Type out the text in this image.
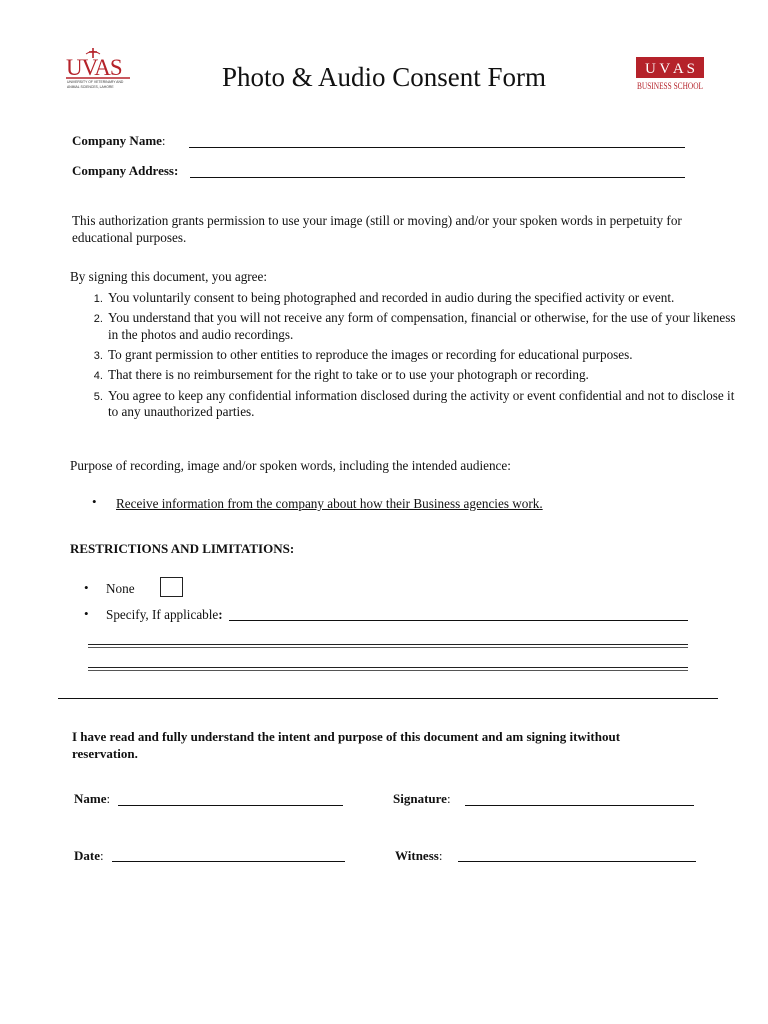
UVAS
UNIVERSITY OF VETERINARY AND
ANIMAL SCIENCES, LAHORE	Photo & Audio Consent Form	U V A S
BUSINESS SCHOOL
Company Name:
Company Address:
This authorization grants permission to use your image (still or moving) and/or your spoken words in perpetuity for educational purposes.
By signing this document, you agree:
1. You voluntarily consent to being photographed and recorded in audio during the specified activity or event.
2. You understand that you will not receive any form of compensation, financial or otherwise, for the use of your likeness in the photos and audio recordings.
3. To grant permission to other entities to reproduce the images or recording for educational purposes.
4. That there is no reimbursement for the right to take or to use your photograph or recording.
5. You agree to keep any confidential information disclosed during the activity or event confidential and not to disclose it to any unauthorized parties.
Purpose of recording, image and/or spoken words, including the intended audience:
• Receive information from the company about how their Business agencies work.
RESTRICTIONS AND LIMITATIONS:
• None
• Specify, If applicable:
I have read and fully understand the intent and purpose of this document and am signing itwithout reservation.
Name:	Signature:
Date:	Witness:
